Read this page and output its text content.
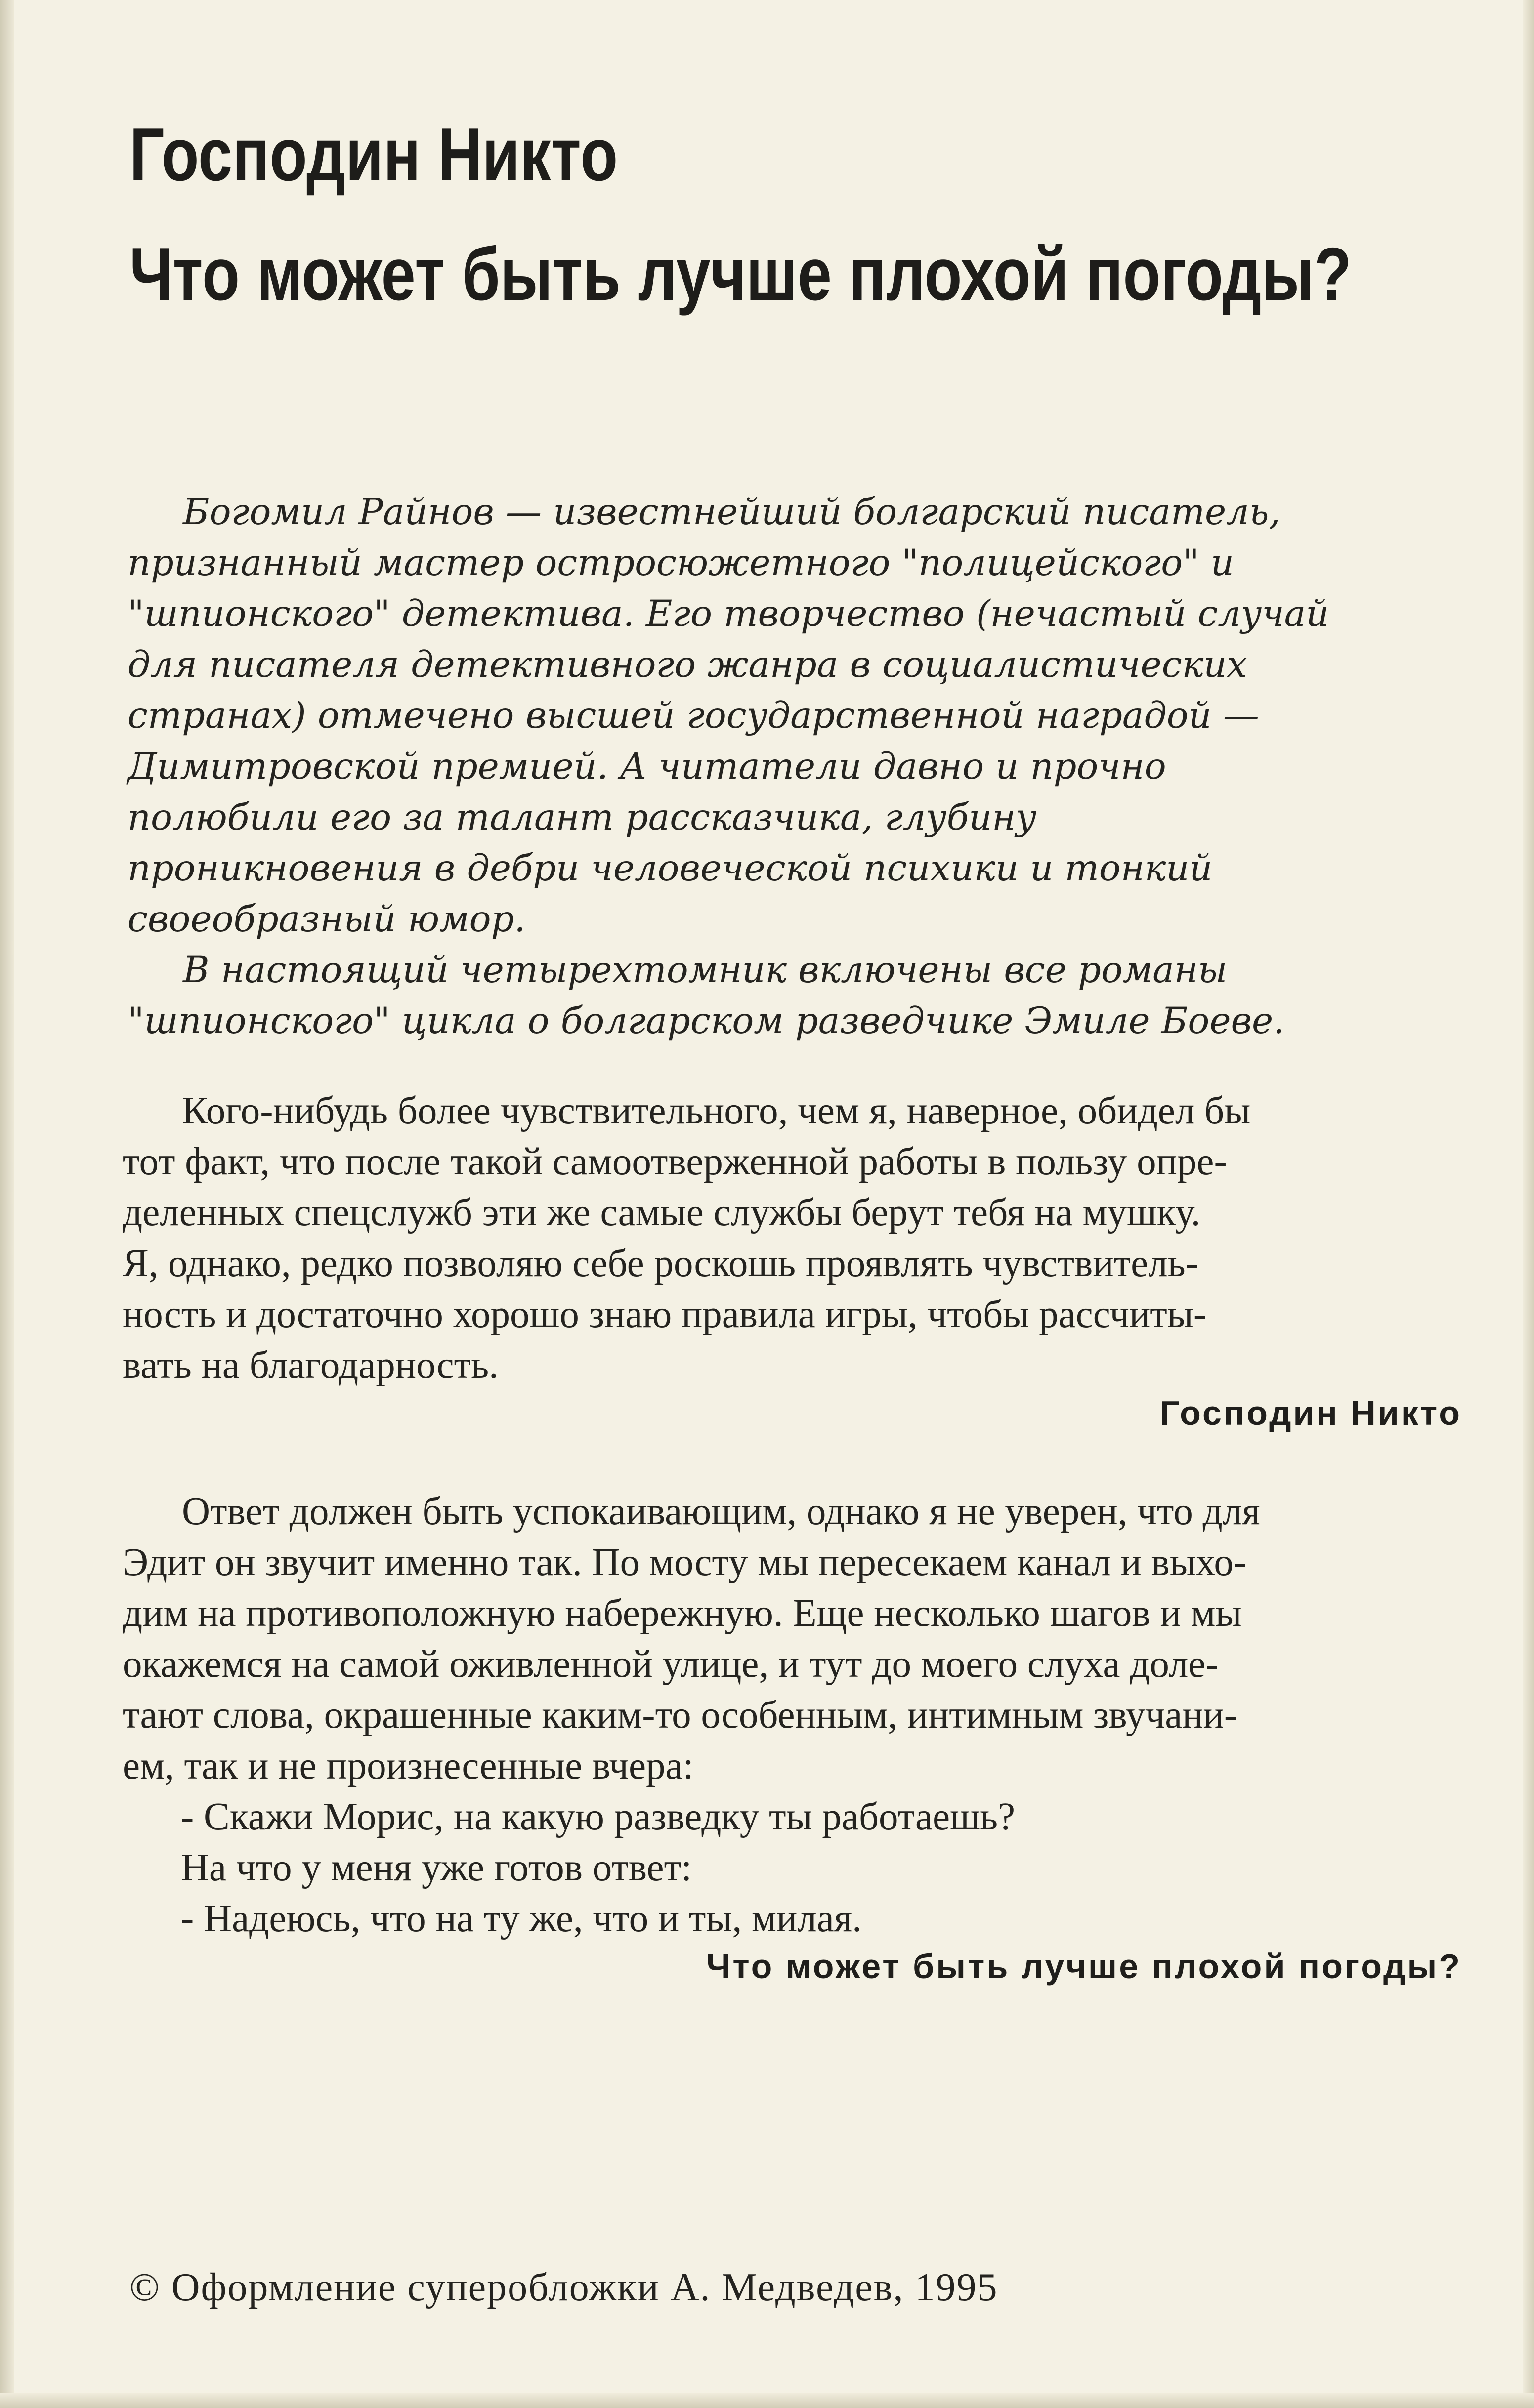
Господин Никто
Что может быть лучше плохой погоды?

Богомил Райнов — известнейший болгарский писатель,
признанный мастер остросюжетного "полицейского" и
"шпионского" детектива. Его творчество (нечастый случай
для писателя детективного жанра в социалистических
странах) отмечено высшей государственной наградой —
Димитровской премией. А читатели давно и прочно
полюбили его за талант рассказчика, глубину
проникновения в дебри человеческой психики и тонкий
своеобразный юмор.

В настоящий четырехтомник включены все романы
"шпионского" цикла о болгарском разведчике Эмиле Боеве.

Кого-нибудь более чувствительного, чем я, наверное, обидел бы
тот факт, что после такой самоотверженной работы в пользу опре-
деленных спецслужб эти же самые службы берут тебя на мушку.
Я, однако, редко позволяю себе роскошь проявлять чувствитель-
ность и достаточно хорошо знаю правила игры, чтобы рассчиты-
вать на благодарность.

Господин Никто

Ответ должен быть успокаивающим, однако я не уверен, что для
Эдит он звучит именно так. По мосту мы пересекаем канал и выхо-
дим на противоположную набережную. Еще несколько шагов и мы
окажемся на самой оживленной улице, и тут до моего слуха доле-
тают слова, окрашенные каким-то особенным, интимным звучани-
ем, так и не произнесенные вчера:

- Скажи Морис, на какую разведку ты работаешь?

На что у меня уже готов ответ:

- Надеюсь, что на ту же, что и ты, милая.

Что может быть лучше плохой погоды?

© Оформление суперобложки А. Медведев, 1995
